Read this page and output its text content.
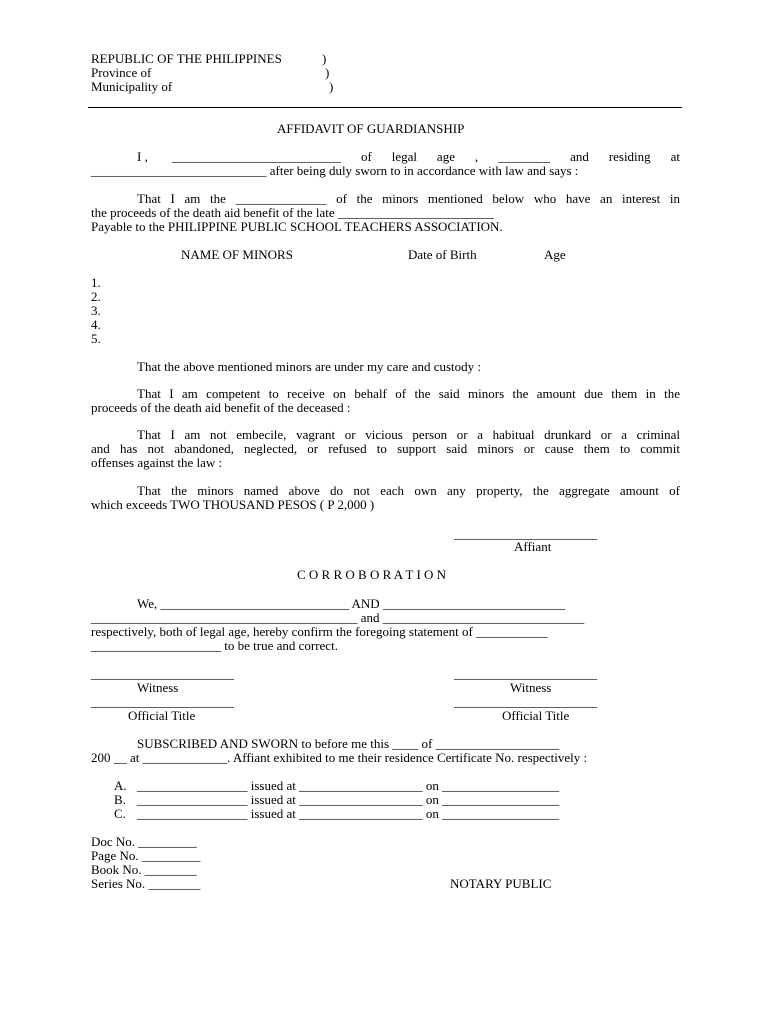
REPUBLIC OF THE PHILIPPINES	)
Province of	)
Municipality of	)
AFFIDAVIT OF GUARDIANSHIP
I , __________________________ of legal age , ________ and residing at
___________________________ after being duly sworn to in accordance with law and says :
That I am the ______________ of the minors mentioned below who have an interest in
the proceeds of the death aid benefit of the late ________________________
Payable to the PHILIPPINE PUBLIC SCHOOL TEACHERS ASSOCIATION.
NAME OF MINORS	Date of Birth	Age
1.
2.
3.
4.
5.
That the above mentioned minors are under my care and custody :
That I am competent to receive on behalf of the said minors the amount due them in the
proceeds of the death aid benefit of the deceased :
That I am not embecile, vagrant or vicious person or a habitual drunkard or a criminal
and has not abandoned, neglected, or refused to support said minors or cause them to commit
offenses against the law :
That the minors named above do not each own any property, the aggregate amount of
which exceeds TWO THOUSAND PESOS ( P 2,000 )
______________________
Affiant
C O R R O B O R A T I O N
We, _____________________________ AND ____________________________
_________________________________________ and _______________________________
respectively, both of legal age, hereby confirm the foregoing statement of ___________
____________________ to be true and correct.
______________________	______________________
Witness	Witness
______________________	______________________
Official Title	Official Title
SUBSCRIBED AND SWORN to before me this ____ of ___________________
200 __ at _____________. Affiant exhibited to me their residence Certificate No. respectively :
A. _________________ issued at ___________________ on __________________
B. _________________ issued at ___________________ on __________________
C. _________________ issued at ___________________ on __________________
Doc No. _________
Page No. _________
Book No. ________
Series No. ________	NOTARY PUBLIC
